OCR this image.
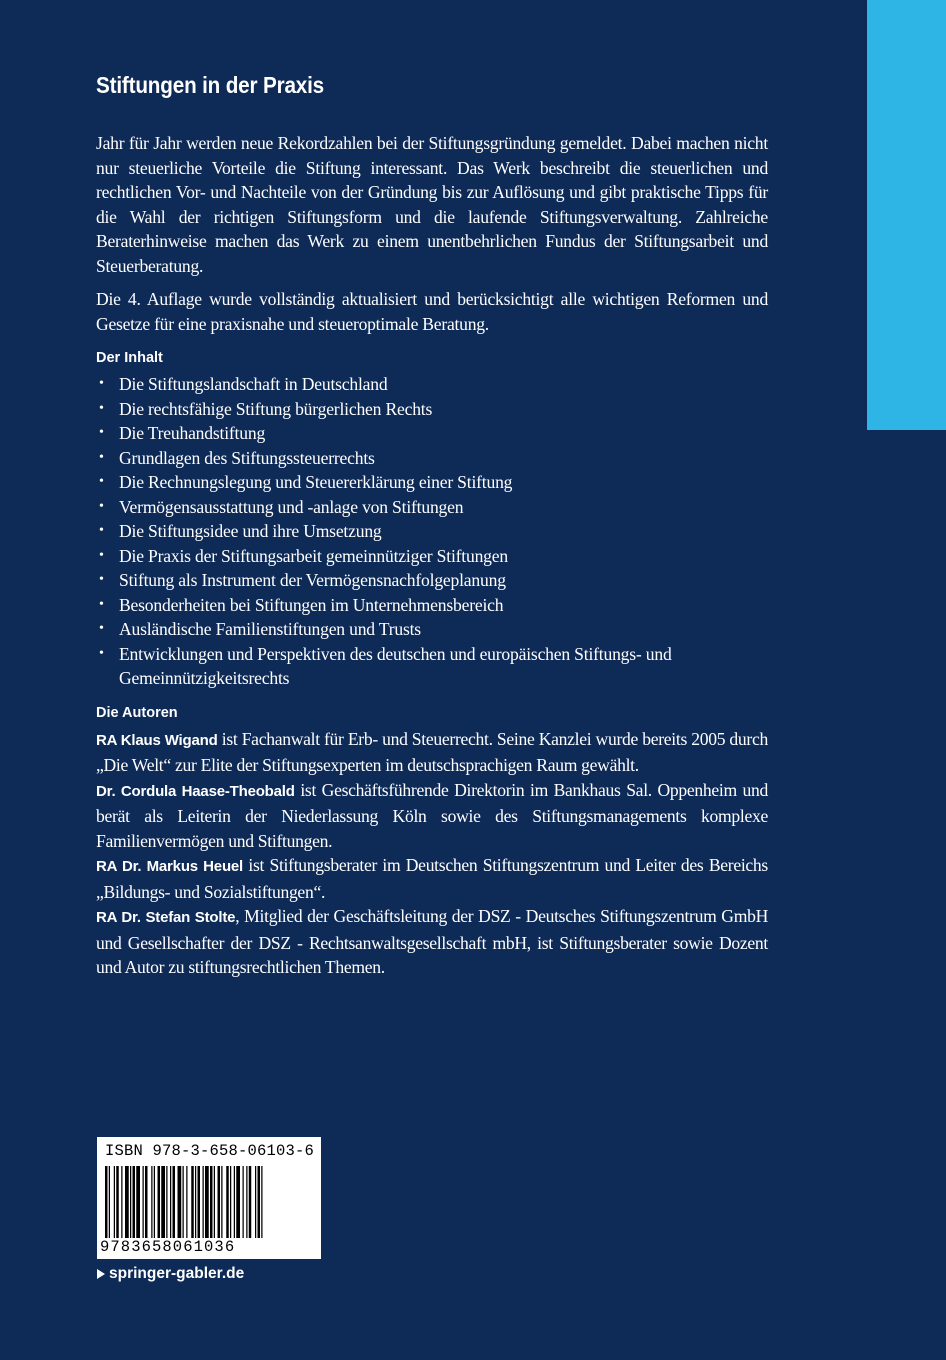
Stiftungen in der Praxis

Jahr für Jahr werden neue Rekordzahlen bei der Stiftungsgründung gemeldet. Dabei machen nicht nur steuerliche Vorteile die Stiftung interessant. Das Werk beschreibt die steuerlichen und rechtlichen Vor- und Nachteile von der Gründung bis zur Auflösung und gibt praktische Tipps für die Wahl der richtigen Stiftungsform und die laufende Stiftungsverwaltung. Zahlreiche Beraterhinweise machen das Werk zu einem unentbehrlichen Fundus der Stiftungsarbeit und Steuerberatung.

Die 4. Auflage wurde vollständig aktualisiert und berücksichtigt alle wichtigen Reformen und Gesetze für eine praxisnahe und steueroptimale Beratung.

Der Inhalt
• Die Stiftungslandschaft in Deutschland
• Die rechtsfähige Stiftung bürgerlichen Rechts
• Die Treuhandstiftung
• Grundlagen des Stiftungssteuerrechts
• Die Rechnungslegung und Steuererklärung einer Stiftung
• Vermögensausstattung und -anlage von Stiftungen
• Die Stiftungsidee und ihre Umsetzung
• Die Praxis der Stiftungsarbeit gemeinnütziger Stiftungen
• Stiftung als Instrument der Vermögensnachfolgeplanung
• Besonderheiten bei Stiftungen im Unternehmensbereich
• Ausländische Familienstiftungen und Trusts
• Entwicklungen und Perspektiven des deutschen und europäischen Stiftungs- und Gemeinnützigkeitsrechts
Die Autoren

RA Klaus Wigand ist Fachanwalt für Erb- und Steuerrecht. Seine Kanzlei wurde bereits 2005 durch „Die Welt“ zur Elite der Stiftungsexperten im deutschsprachigen Raum gewählt.

Dr. Cordula Haase-Theobald ist Geschäftsführende Direktorin im Bankhaus Sal. Oppenheim und berät als Leiterin der Niederlassung Köln sowie des Stiftungsmanagements komplexe Familienvermögen und Stiftungen.

RA Dr. Markus Heuel ist Stiftungsberater im Deutschen Stiftungszentrum und Leiter des Bereichs „Bildungs- und Sozialstiftungen“.

RA Dr. Stefan Stolte, Mitglied der Geschäftsleitung der DSZ - Deutsches Stiftungszentrum GmbH und Gesellschafter der DSZ - Rechtsanwaltsgesellschaft mbH, ist Stiftungsberater sowie Dozent und Autor zu stiftungsrechtlichen Themen.

ISBN 978-3-658-06103-6
9783658061036
springer-gabler.de
